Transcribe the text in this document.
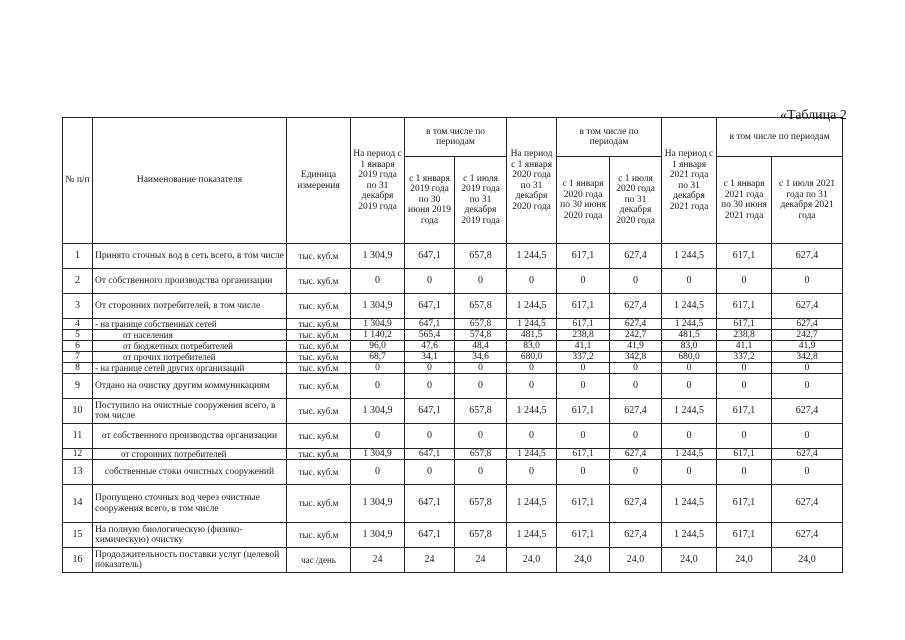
«Таблица 2
№ п/п	Наименование показателя	Единица измерения	На период с 1 января 2019 года по 31 декабря 2019 года	в том числе по периодам		На период с 1 января 2020 года по 31 декабря 2020 года	в том числе по периодам		На период с 1 января 2021 года по 31 декабря 2021 года	в том числе по периодам	
				с 1 января 2019 года по 30 июня 2019 года	с 1 июля 2019 года по 31 декабря 2019 года		с 1 января 2020 года по 30 июня 2020 года	с 1 июля 2020 года по 31 декабря 2020 года		с 1 января 2021 года по 30 июня 2021 года	с 1 июля 2021 года по 31 декабря 2021 года
1	Принято сточных вод в сеть всего, в том числе	тыс. куб.м	1 304,9	647,1	657,8	1 244,5	617,1	627,4	1 244,5	617,1	627,4
2	От собственного производства организации	тыс. куб.м	0	0	0	0	0	0	0	0	0
3	От сторонних потребителей, в том числе	тыс. куб.м	1 304,9	647,1	657,8	1 244,5	617,1	627,4	1 244,5	617,1	627,4
4	- на границе собственных сетей	тыс. куб.м	1 304,9	647,1	657,8	1 244,5	617,1	627,4	1 244,5	617,1	627,4
5	от населения	тыс. куб.м	1 140,2	565,4	574,8	481,5	238,8	242,7	481,5	238,8	242,7
6	от бюджетных потребителей	тыс. куб.м	96,0	47,6	48,4	83,0	41,1	41,9	83,0	41,1	41,9
7	от прочих потребителей	тыс. куб.м	68,7	34,1	34,6	680,0	337,2	342,8	680,0	337,2	342,8
8	- на границе сетей других организаций	тыс. куб.м	0	0	0	0	0	0	0	0	0
9	Отдано на очистку другим коммуникациям	тыс. куб.м	0	0	0	0	0	0	0	0	0
10	Поступило на очистные сооружения всего, в том числе	тыс. куб.м	1 304,9	647,1	657,8	1 244,5	617,1	627,4	1 244,5	617,1	627,4
11	от собственного производства организации	тыс. куб.м	0	0	0	0	0	0	0	0	0
12	от сторонних потребителей	тыс. куб.м	1 304,9	647,1	657,8	1 244,5	617,1	627,4	1 244,5	617,1	627,4
13	собственные стоки очистных сооружений	тыс. куб.м	0	0	0	0	0	0	0	0	0
14	Пропущено сточных вод через очистные сооружения всего, в том числе	тыс. куб.м	1 304,9	647,1	657,8	1 244,5	617,1	627,4	1 244,5	617,1	627,4
15	На полную биологическую (физико-химическую) очистку	тыс. куб.м	1 304,9	647,1	657,8	1 244,5	617,1	627,4	1 244,5	617,1	627,4
16	Продолжительность поставки услуг (целевой показатель)	час /день	24	24	24	24,0	24,0	24,0	24,0	24,0	24,0
